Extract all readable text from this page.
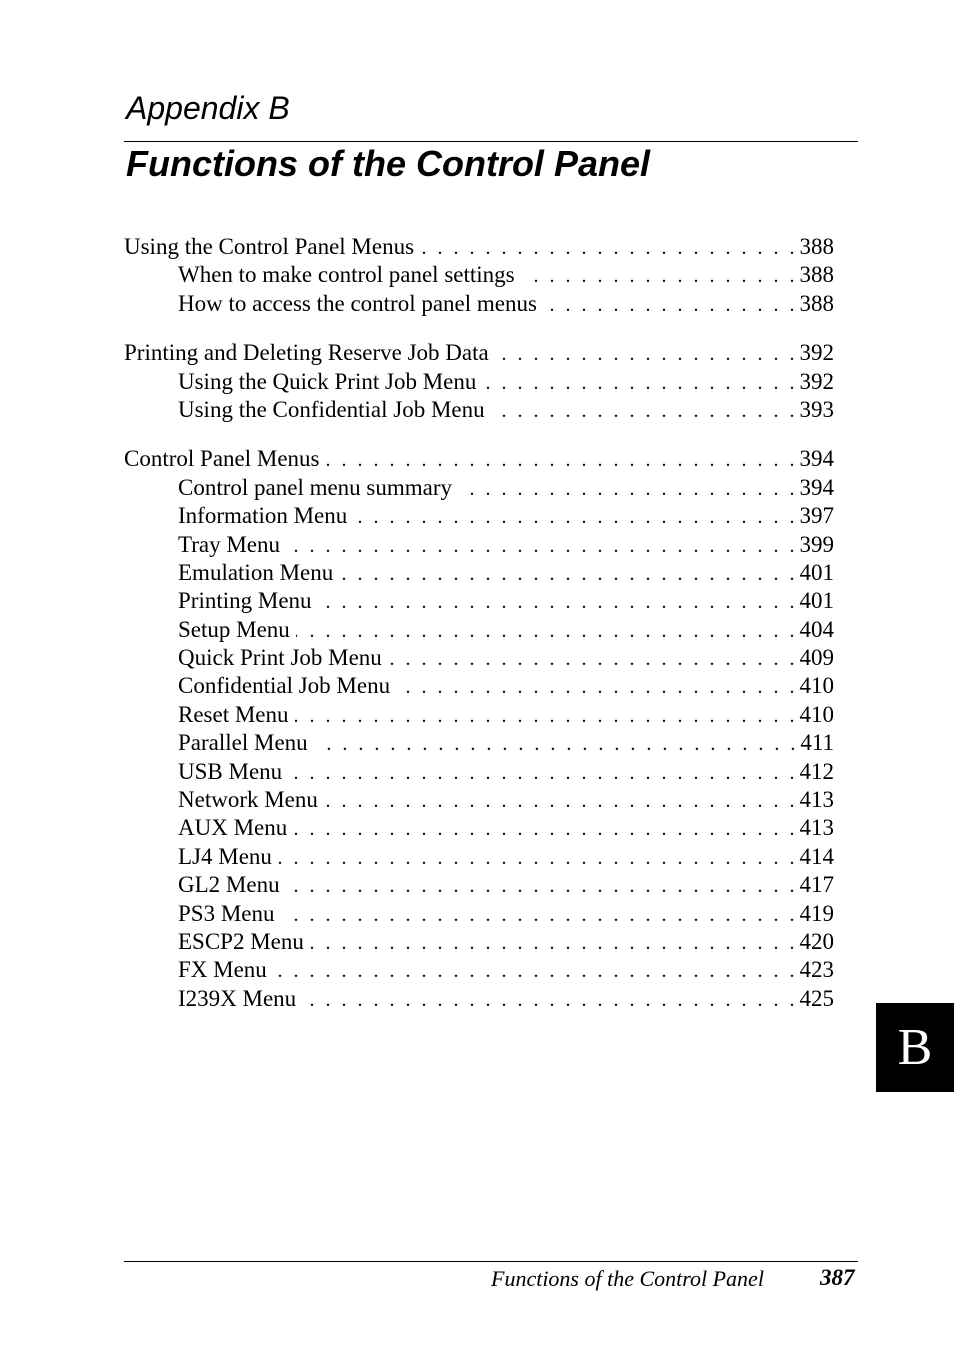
Appendix B
Functions of the Control Panel
Using the Control Panel Menus . . .	388
When to make control panel settings . . .	388
How to access the control panel menus . . .	388
Printing and Deleting Reserve Job Data . . .	392
Using the Quick Print Job Menu . . .	392
Using the Confidential Job Menu . . .	393
Control Panel Menus . . .	394
Control panel menu summary . . .	394
Information Menu . . .	397
Tray Menu . . .	399
Emulation Menu . . .	401
Printing Menu . . .	401
Setup Menu . . .	404
Quick Print Job Menu . . .	409
Confidential Job Menu . . .	410
Reset Menu . . .	410
Parallel Menu . . .	411
USB Menu . . .	412
Network Menu . . .	413
AUX Menu . . .	413
LJ4 Menu . . .	414
GL2 Menu . . .	417
PS3 Menu . . .	419
ESCP2 Menu . . .	420
FX Menu . . .	423
I239X Menu . . .	425
B
Functions of the Control Panel 387
